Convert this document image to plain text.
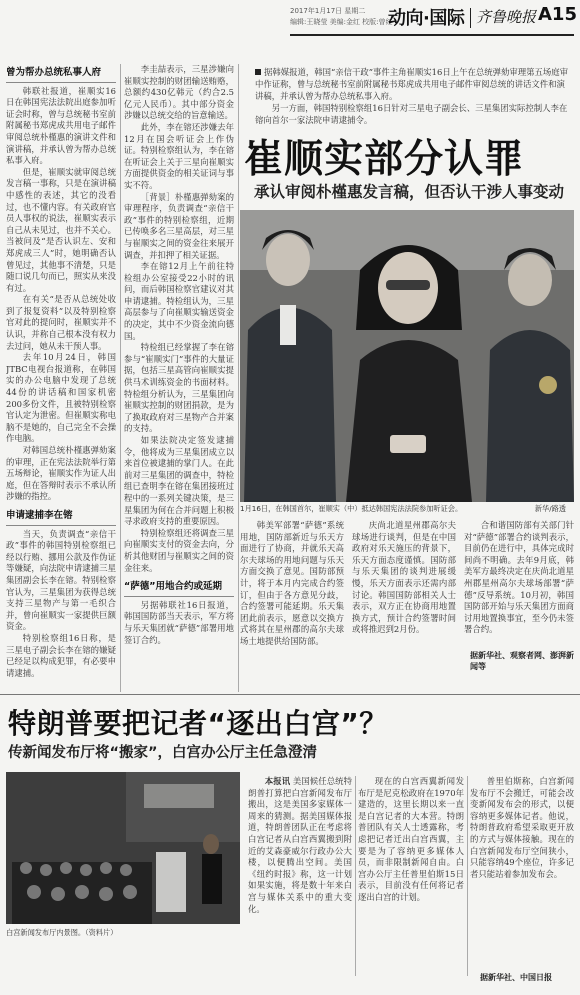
2017年1月17日 星期二
编辑:王晓莹 美编:金红 校版:曾红
动向·国际 齐鲁晚报 A15
曾为帮办总统私事人府

韩联社报道，崔顺实16日在韩国宪法法院出庭参加听证会时称，曾与总统秘书室前附属秘书郑虎成共用电子邮件审阅总统朴槿惠的演讲文件和演讲稿，并承认曾为帮办总统私事入府。

但是，崔顺实就审阅总统发言稿一事称，只是在演讲稿中感性的表述，其它的没看过，也不懂内容。有关政府官员人事权的说法，崔顺实表示自己从未见过，也并不关心。当被问及“是否认识左、安和郑虎成三人”时，她明确否认曾见过，其他事不清楚，只是随口说几句而已，照实从来没有过。

在有关“是否从总统处收到了报复资料”以及特别检察官对此的提问时，崔顺实并不认识，并称自己根本没有权力去过问，她从未干预人事。

去年10月24日，韩国JTBC电视台报道称，在韩国实的办公电脑中发现了总统44份的讲话稿和国家机密200多份文件，且被特别检察官认定为泄密。但崔顺实称电脑不是她的，自己完全不会操作电脑。

对韩国总统朴槿惠弹劾案的审理，正在宪法法院举行第五场辩论，崔顺实作为证人出庭，但在答辩时表示不承认所涉嫌的指控。

申请逮捕李在镕

当天，负责调查“亲信干政”事件的韩国特别检察组已经以行贿、挪用公款及作伪证等嫌疑，向法院申请逮捕三星集团副会长李在镕。特别检察官认为，三星集团为获得总统支持三星物产与第一毛织合并，曾向崔顺实一家提供巨额资金。

特别检察组16日称，是三星电子副会长李在镕的嫌疑已经足以构成犯罪，有必要申请逮捕。

李圭喆表示，三星涉嫌向崔顺实控制的财团输送贿赂，总额约430亿韩元（约合2.5亿元人民币）。其中部分资金涉嫌以总统交给的旨意输送。

此外，李在镕还涉嫌去年12月在国会听证会上作伪证。特别检察组认为，李在镕在听证会上关于三星向崔顺实方面提供资金的相关证词与事实不符。

［背景］朴槿惠弹劾案的审理程序，负责调查“亲信干政”事件的特别检察组，近期已传唤多名三星高层，对三星与崔顺实之间的资金往来展开调查，并扣押了相关证据。

李在镕12月上午前往特检组办公室接受22小时的讯问，而后韩国检察官建议对其申请逮捕。特检组认为，三星高层参与了向崔顺实输送资金的决定，其中不少资金流向德国。

特检组已经掌握了李在镕参与“崔顺实门”事件的大量证据，包括三星高管向崔顺实提供马术训练资金的书面材料。特检组分析认为，三星集团向崔顺实控制的财团捐款，是为了换取政府对三星物产合并案的支持。

如果法院决定签发逮捕令，他将成为三星集团成立以来首位被逮捕的掌门人。在此前对三星集团的调查中，特检组已查明李在镕在集团接班过程中的一系列关键决策，是三星集团为何在合并问题上积极寻求政府支持的重要原因。

特别检察组还将调查三星向崔顺实支付的资金去向，分析其他财团与崔顺实之间的资金往来。

“萨德”用地合约或延期

另据韩联社16日报道，韩国国防部当天表示，军方将与乐天集团就“萨德”部署用地签订合约。

据韩媒报道，韩国“亲信干政”事件主角崔顺实16日上午在总统弹劾审理第五场庭审中作证称，曾与总统秘书室前附属秘书郑虎成共用电子邮件审阅总统的讲话文件和演讲稿，并承认曾为帮办总统私事入府。
另一方面，韩国特别检察组16日针对三星电子副会长、三星集团实际控制人李在镕向首尔一家法院申请逮捕令。
崔顺实部分认罪
承认审阅朴槿惠发言稿，但否认干涉人事变动
1月16日，在韩国首尔，崔顺实（中）抵达韩国宪法法院参加听证会。	新华/路透

韩美军部署“萨德”系统用地，国防部新近与乐天方面进行了协商，并就乐天高尔夫球场的用地问题与乐天方面交换了意见。国防部预计，将于本月内完成合约签订，但由于各方意见分歧，合约签署可能延期。乐天集团此前表示，愿意以交换方式将其在星州郡的高尔夫球场土地提供给国防部。

庆尚北道星州郡高尔夫球场进行谈判，但是在中国政府对乐天施压的背景下，乐天方面态度谨慎。国防部与乐天集团的谈判进展缓慢，乐天方面表示还需内部讨论。韩国国防部相关人士表示，双方正在协商用地置换方式，预计合约签署时间或将推迟到2月份。

合和谐国防部有关部门针对“萨德”部署合约谈判表示，目前仍在进行中，具体完成时间尚不明确。去年9月底，韩美军方最终决定在庆尚北道星州郡星州高尔夫球场部署“萨德”反导系统。10月初，韩国国防部开始与乐天集团方面商讨用地置换事宜，至今仍未签署合约。

据新华社、观察者网、澎湃新闻等
特朗普要把记者“逐出白宫”？
传新闻发布厅将“搬家”，白宫办公厅主任急澄清
白宫新闻发布厅内景图。（资料片）

本报讯 美国候任总统特朗普打算把白宫新闻发布厅搬出，这是美国多家媒体一周来的猜测。据美国媒体报道，特朗普团队正在考虑将白宫记者从白宫西翼搬到附近的艾森豪威尔行政办公大楼，以便腾出空间。美国《纽约时报》称，这一计划如果实施，将是数十年来白宫与媒体关系中的重大变化。

现在的白宫西翼新闻发布厅是尼克松政府在1970年建造的，这里长期以来一直是白宫记者的大本营。特朗普团队有关人士透露称，考虑把记者迁出白宫西翼，主要是为了容纳更多媒体人员，而非限制新闻自由。白宫办公厅主任普里伯斯15日表示，目前没有任何将记者逐出白宫的计划。

普里伯斯称，白宫新闻发布厅不会搬迁，可能会改变新闻发布会的形式，以便容纳更多媒体记者。他说，特朗普政府希望采取更开放的方式与媒体接触。现在的白宫新闻发布厅空间狭小，只能容纳49个座位，许多记者只能站着参加发布会。

据新华社、中国日报
